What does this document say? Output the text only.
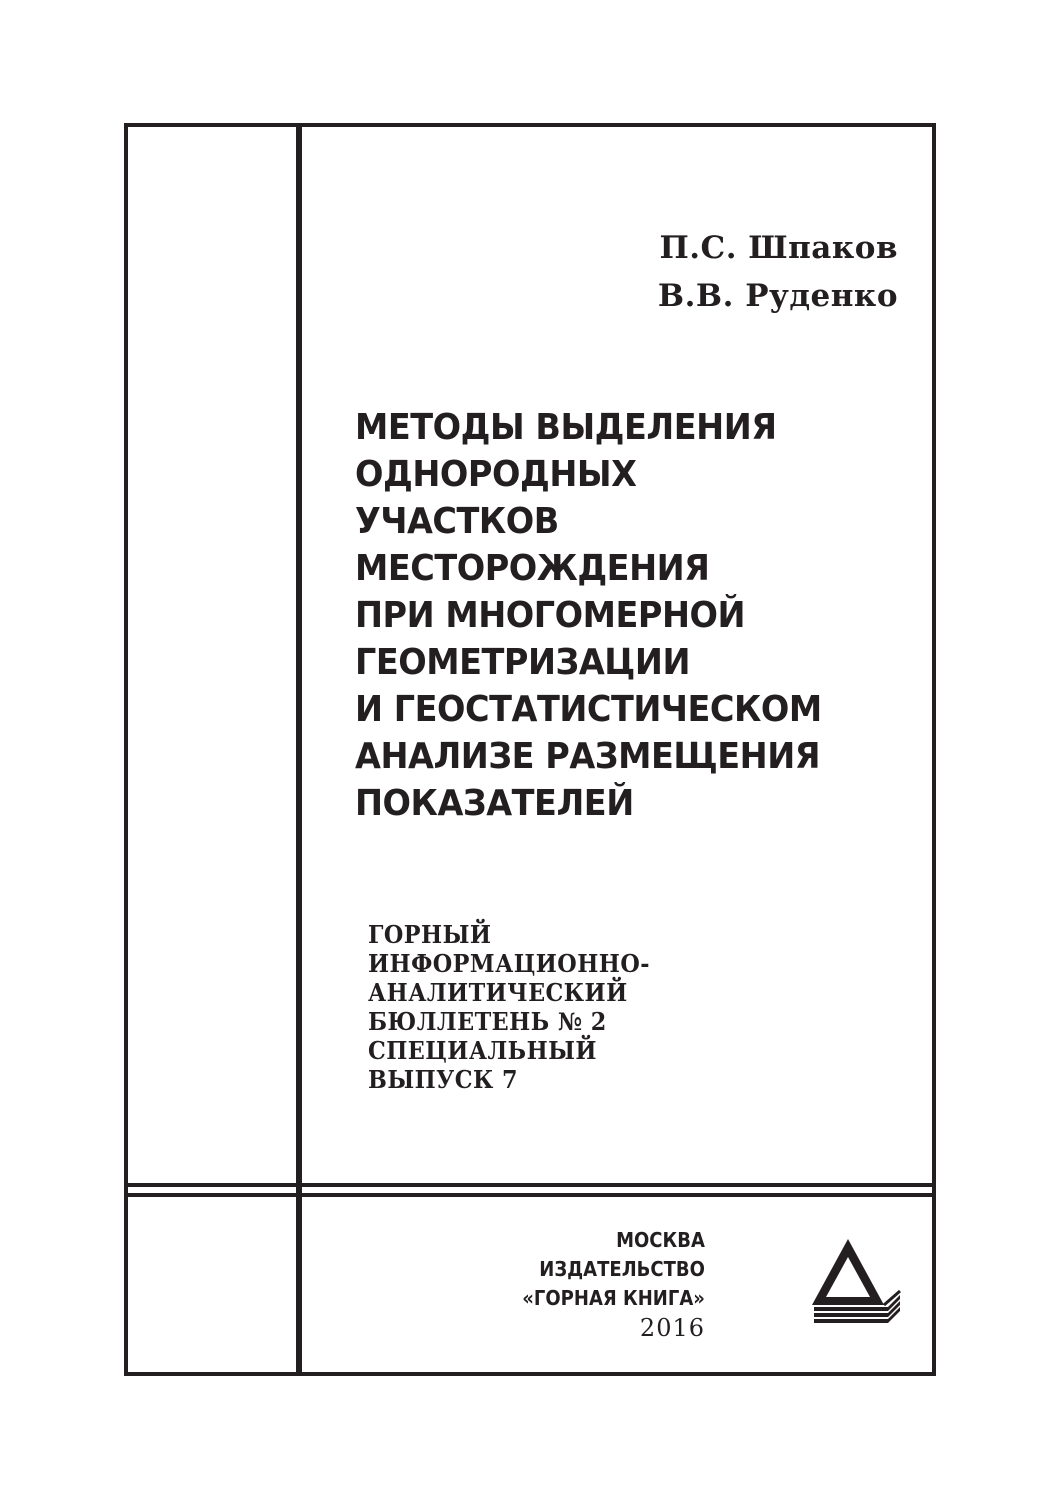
П.С. Шпаков
В.В. Руденко
МЕТОДЫ ВЫДЕЛЕНИЯ
ОДНОРОДНЫХ
УЧАСТКОВ
МЕСТОРОЖДЕНИЯ
ПРИ МНОГОМЕРНОЙ
ГЕОМЕТРИЗАЦИИ
И ГЕОСТАТИСТИЧЕСКОМ
АНАЛИЗЕ РАЗМЕЩЕНИЯ
ПОКАЗАТЕЛЕЙ
ГОРНЫЙ
ИНФОРМАЦИОННО-
АНАЛИТИЧЕСКИЙ
БЮЛЛЕТЕНЬ № 2
СПЕЦИАЛЬНЫЙ
ВЫПУСК 7
МОСКВА
ИЗДАТЕЛЬСТВО
«ГОРНАЯ КНИГА»
2016
